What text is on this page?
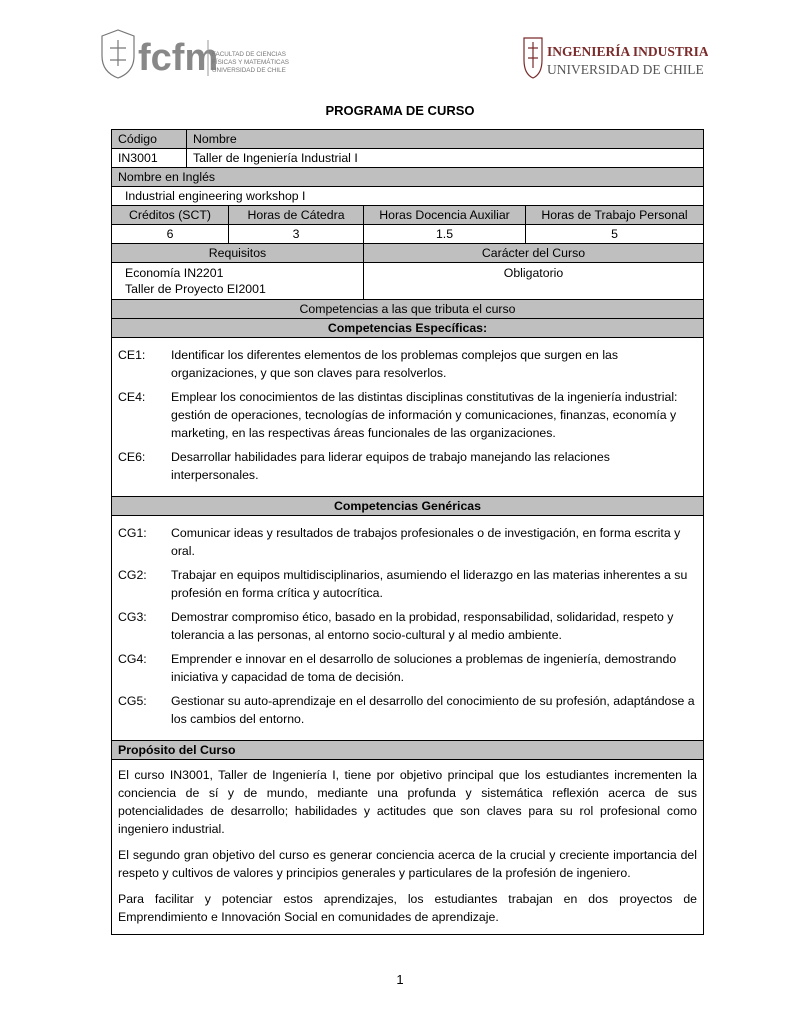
fcfm
FACULTAD DE CIENCIAS
FÍSICAS Y MATEMÁTICAS
UNIVERSIDAD DE CHILE
INGENIERÍA INDUSTRIAL
UNIVERSIDAD DE CHILE
PROGRAMA DE CURSO
Código	Nombre
IN3001	Taller de Ingeniería Industrial I
Nombre en Inglés
Industrial engineering workshop I
Créditos (SCT)	Horas de Cátedra	Horas Docencia Auxiliar	Horas de Trabajo Personal
6	3	1.5	5
Requisitos	Carácter del Curso
Economía IN2201
Taller de Proyecto EI2001
Obligatorio
Competencias a las que tributa el curso
Competencias Específicas:
CE1:	Identificar los diferentes elementos de los problemas complejos que surgen en las organizaciones, y que son claves para resolverlos.
CE4:	Emplear los conocimientos de las distintas disciplinas constitutivas de la ingeniería industrial: gestión de operaciones, tecnologías de información y comunicaciones, finanzas, economía y marketing, en las respectivas áreas funcionales de las organizaciones.
CE6:	Desarrollar habilidades para liderar equipos de trabajo manejando las relaciones interpersonales.
Competencias Genéricas
CG1:	Comunicar ideas y resultados de trabajos profesionales o de investigación, en forma escrita y oral.
CG2:	Trabajar en equipos multidisciplinarios, asumiendo el liderazgo en las materias inherentes a su profesión en forma crítica y autocrítica.
CG3:	Demostrar compromiso ético, basado en la probidad, responsabilidad, solidaridad, respeto y tolerancia a las personas, al entorno socio-cultural y al medio ambiente.
CG4:	Emprender e innovar en el desarrollo de soluciones a problemas de ingeniería, demostrando iniciativa y capacidad de toma de decisión.
CG5:	Gestionar su auto-aprendizaje en el desarrollo del conocimiento de su profesión, adaptándose a los cambios del entorno.
Propósito del Curso

El curso IN3001, Taller de Ingeniería I, tiene por objetivo principal que los estudiantes incrementen la conciencia de sí y de mundo, mediante una profunda y sistemática reflexión acerca de sus potencialidades de desarrollo; habilidades y actitudes que son claves para su rol profesional como ingeniero industrial.

El segundo gran objetivo del curso es generar conciencia acerca de la crucial y creciente importancia del respeto y cultivos de valores y principios generales y particulares de la profesión de ingeniero.

Para facilitar y potenciar estos aprendizajes, los estudiantes trabajan en dos proyectos de Emprendimiento e Innovación Social en comunidades de aprendizaje.

1
